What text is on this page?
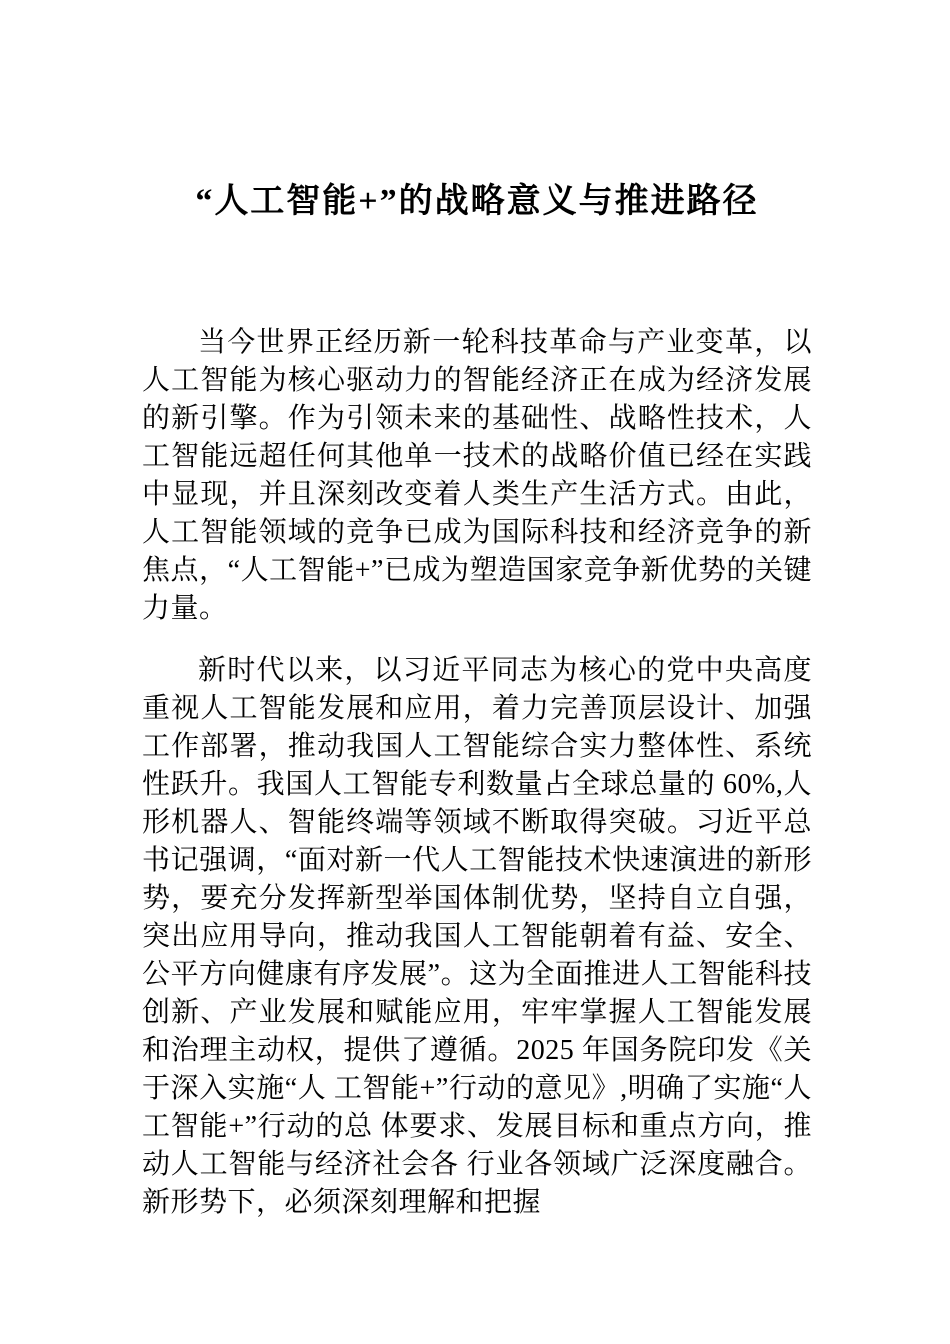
“人工智能+”的战略意义与推进路径

当今世界正经历新一轮科技革命与产业变革，以人工智能为核心驱动力的智能经济正在成为经济发展的新引擎。作为引领未来的基础性、战略性技术，人工智能远超任何其他单一技术的战略价值已经在实践中显现，并且深刻改变着人类生产生活方式。由此，人工智能领域的竞争已成为国际科技和经济竞争的新焦点，“人工智能+”已成为塑造国家竞争新优势的关键力量。

新时代以来，以习近平同志为核心的党中央高度重视人工智能发展和应用，着力完善顶层设计、加强工作部署，推动我国人工智能综合实力整体性、系统性跃升。我国人工智能专利数量占全球总量的 60%,人形机器人、智能终端等领域不断取得突破。习近平总书记强调，“面对新一代人工智能技术快速演进的新形势，要充分发挥新型举国体制优势，坚持自立自强，突出应用导向，推动我国人工智能朝着有益、安全、公平方向健康有序发展”。这为全面推进人工智能科技创新、产业发展和赋能应用，牢牢掌握人工智能发展和治理主动权，提供了遵循。2025 年国务院印发《关于深入实施“人 工智能+”行动的意见》,明确了实施“人工智能+”行动的总 体要求、发展目标和重点方向，推动人工智能与经济社会各 行业各领域广泛深度融合。新形势下，必须深刻理解和把握
